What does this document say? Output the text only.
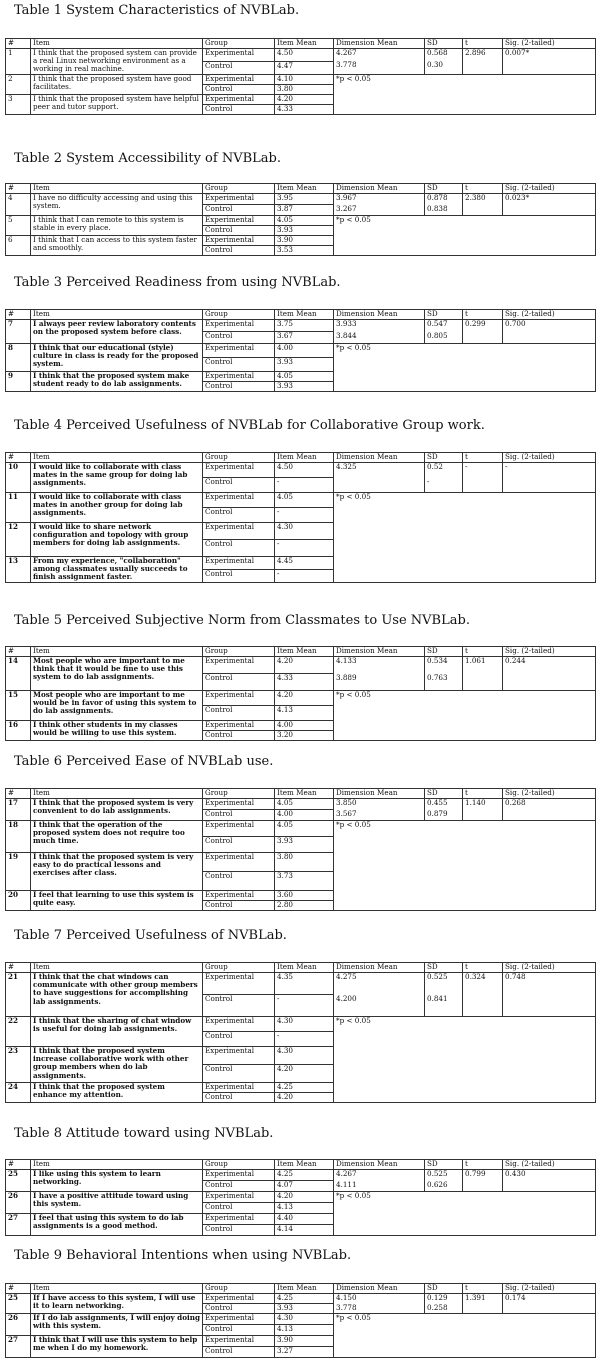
Table 1 System Characteristics of NVBLab.
#	Item	Group	Item Mean	Dimension Mean	SD	t	Sig. (2-tailed)
1	I think that the proposed system can provide a real Linux networking environment as a working in real machine.	Experimental	4.50	4.267	0.568	2.896	0.007*
		Control	4.47	3.778	0.30		
2	I think that the proposed system have good facilitates.	Experimental	4.10	*p < 0.05			
		Control	3.80				
3	I think that the proposed system have helpful peer and tutor support.	Experimental	4.20				
		Control	4.33				
Table 2 System Accessibility of NVBLab.
#	Item	Group	Item Mean	Dimension Mean	SD	t	Sig. (2-tailed)
4	I have no difficulty accessing and using this system.	Experimental	3.95	3.967	0.878	2.380	0.023*
		Control	3.87	3.267	0.838		
5	I think that I can remote to this system is stable in every place.	Experimental	4.05	*p < 0.05			
		Control	3.93				
6	I think that I can access to this system faster and smoothly.	Experimental	3.90				
		Control	3.53				
Table 3 Perceived Readiness from using NVBLab.
#	Item	Group	Item Mean	Dimension Mean	SD	t	Sig. (2-tailed)
7	I always peer review laboratory contents on the proposed system before class.	Experimental	3.75	3.933	0.547	0.299	0.700
		Control	3.67	3.844	0.805		
8	I think that our educational (style) culture in class is ready for the proposed system.	Experimental	4.00	*p < 0.05			
		Control	3.93				
9	I think that the proposed system make student ready to do lab assignments.	Experimental	4.05				
		Control	3.93				
Table 4 Perceived Usefulness of NVBLab for Collaborative Group work.
#	Item	Group	Item Mean	Dimension Mean	SD	t	Sig. (2-tailed)
10	I would like to collaborate with class mates in the same group for doing lab assignments.	Experimental	4.50	4.325	0.52	-	-
		Control	-		-		
11	I would like to collaborate with class mates in another group for doing lab assignments.	Experimental	4.05	*p < 0.05			
		Control	-				
12	I would like to share network configuration and topology with group members for doing lab assignments.	Experimental	4.30				
		Control	-				
13	From my experience, "collaboration" among classmates usually succeeds to finish assignment faster.	Experimental	4.45				
		Control	-				
Table 5 Perceived Subjective Norm from Classmates to Use NVBLab.
#	Item	Group	Item Mean	Dimension Mean	SD	t	Sig. (2-tailed)
14	Most people who are important to me think that it would be fine to use this system to do lab assignments.	Experimental	4.20	4.133	0.534	1.061	0.244
		Control	4.33	3.889	0.763		
15	Most people who are important to me would be in favor of using this system to do lab assignments.	Experimental	4.20	*p < 0.05			
		Control	4.13				
16	I think other students in my classes would be willing to use this system.	Experimental	4.00				
		Control	3.20				
Table 6 Perceived Ease of NVBLab use.
#	Item	Group	Item Mean	Dimension Mean	SD	t	Sig. (2-tailed)
17	I think that the proposed system is very convenient to do lab assignments.	Experimental	4.05	3.850	0.455	1.140	0.268
		Control	4.00	3.567	0.879		
18	I think that the operation of the proposed system does not require too much time.	Experimental	4.05	*p < 0.05			
		Control	3.93				
19	I think that the proposed system is very easy to do practical lessons and exercises after class.	Experimental	3.80				
		Control	3.73				
20	I feel that learning to use this system is quite easy.	Experimental	3.60				
		Control	2.80				
Table 7 Perceived Usefulness of NVBLab.
#	Item	Group	Item Mean	Dimension Mean	SD	t	Sig. (2-tailed)
21	I think that the chat windows can communicate with other group members to have suggestions for accomplishing lab assignments.	Experimental	4.35	4.275	0.525	0.324	0.748
		Control	-	4.200	0.841		
22	I think that the sharing of chat window is useful for doing lab assignments.	Experimental	4.30	*p < 0.05			
		Control	-				
23	I think that the proposed system increase collaborative work with other group members when do lab assignments.	Experimental	4.30				
		Control	4.20				
24	I think that the proposed system enhance my attention.	Experimental	4.25				
		Control	4.20				
Table 8 Attitude toward using NVBLab.
#	Item	Group	Item Mean	Dimension Mean	SD	t	Sig. (2-tailed)
25	I like using this system to learn networking.	Experimental	4.25	4.267	0.525	0.799	0.430
		Control	4.07	4.111	0.626		
26	I have a positive attitude toward using this system.	Experimental	4.20	*p < 0.05			
		Control	4.13				
27	I feel that using this system to do lab assignments is a good method.	Experimental	4.40				
		Control	4.14				
Table 9 Behavioral Intentions when using NVBLab.
#	Item	Group	Item Mean	Dimension Mean	SD	t	Sig. (2-tailed)
25	If I have access to this system, I will use it to learn networking.	Experimental	4.25	4.150	0.129	1.391	0.174
		Control	3.93	3.778	0.258		
26	If I do lab assignments, I will enjoy doing with this system.	Experimental	4.30	*p < 0.05			
		Control	4.13				
27	I think that I will use this system to help me when I do my homework.	Experimental	3.90				
		Control	3.27				
